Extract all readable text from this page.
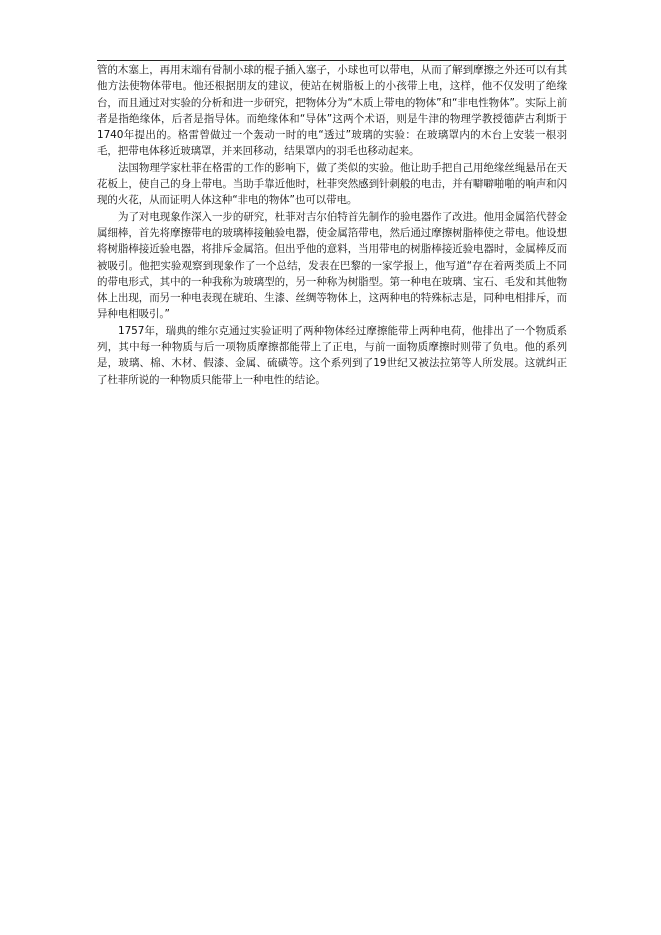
管的木塞上，再用末端有骨制小球的棍子插入塞子，小球也可以带电，从而了解到摩擦之外还可以有其他方法使物体带电。他还根据朋友的建议，使站在树脂板上的小孩带上电，这样，他不仅发明了绝缘台，而且通过对实验的分析和进一步研究，把物体分为“木质上带电的物体”和“非电性物体”。实际上前者是指绝缘体，后者是指导体。而绝缘体和“导体”这两个术语，则是牛津的物理学教授德萨古利斯于1740年提出的。格雷曾做过一个轰动一时的电“透过”玻璃的实验：在玻璃罩内的木台上安装一根羽毛，把带电体移近玻璃罩，并来回移动，结果罩内的羽毛也移动起来。

法国物理学家杜菲在格雷的工作的影响下，做了类似的实验。他让助手把自己用绝缘丝绳悬吊在天花板上，使自己的身上带电。当助手靠近他时，杜菲突然感到针刺般的电击，并有噼噼啪啪的响声和闪现的火花，从而证明人体这种“非电的物体”也可以带电。

为了对电现象作深入一步的研究，杜菲对吉尔伯特首先制作的验电器作了改进。他用金属箔代替金属细棒，首先将摩擦带电的玻璃棒接触验电器，使金属箔带电，然后通过摩擦树脂棒使之带电。他设想将树脂棒接近验电器，将排斥金属箔。但出乎他的意料，当用带电的树脂棒接近验电器时，金属棒反而被吸引。他把实验观察到现象作了一个总结，发表在巴黎的一家学报上，他写道“存在着两类质上不同的带电形式，其中的一种我称为玻璃型的，另一种称为树脂型。第一种电在玻璃、宝石、毛发和其他物体上出现，而另一种电表现在琥珀、生漆、丝绸等物体上，这两种电的特殊标志是，同种电相排斥，而异种电相吸引。”

1757年，瑞典的维尔克通过实验证明了两种物体经过摩擦能带上两种电荷，他排出了一个物质系列，其中每一种物质与后一项物质摩擦都能带上了正电，与前一面物质摩擦时则带了负电。他的系列是，玻璃、棉、木材、假漆、金属、硫磺等。这个系列到了19世纪又被法拉第等人所发展。这就纠正了杜菲所说的一种物质只能带上一种电性的结论。
